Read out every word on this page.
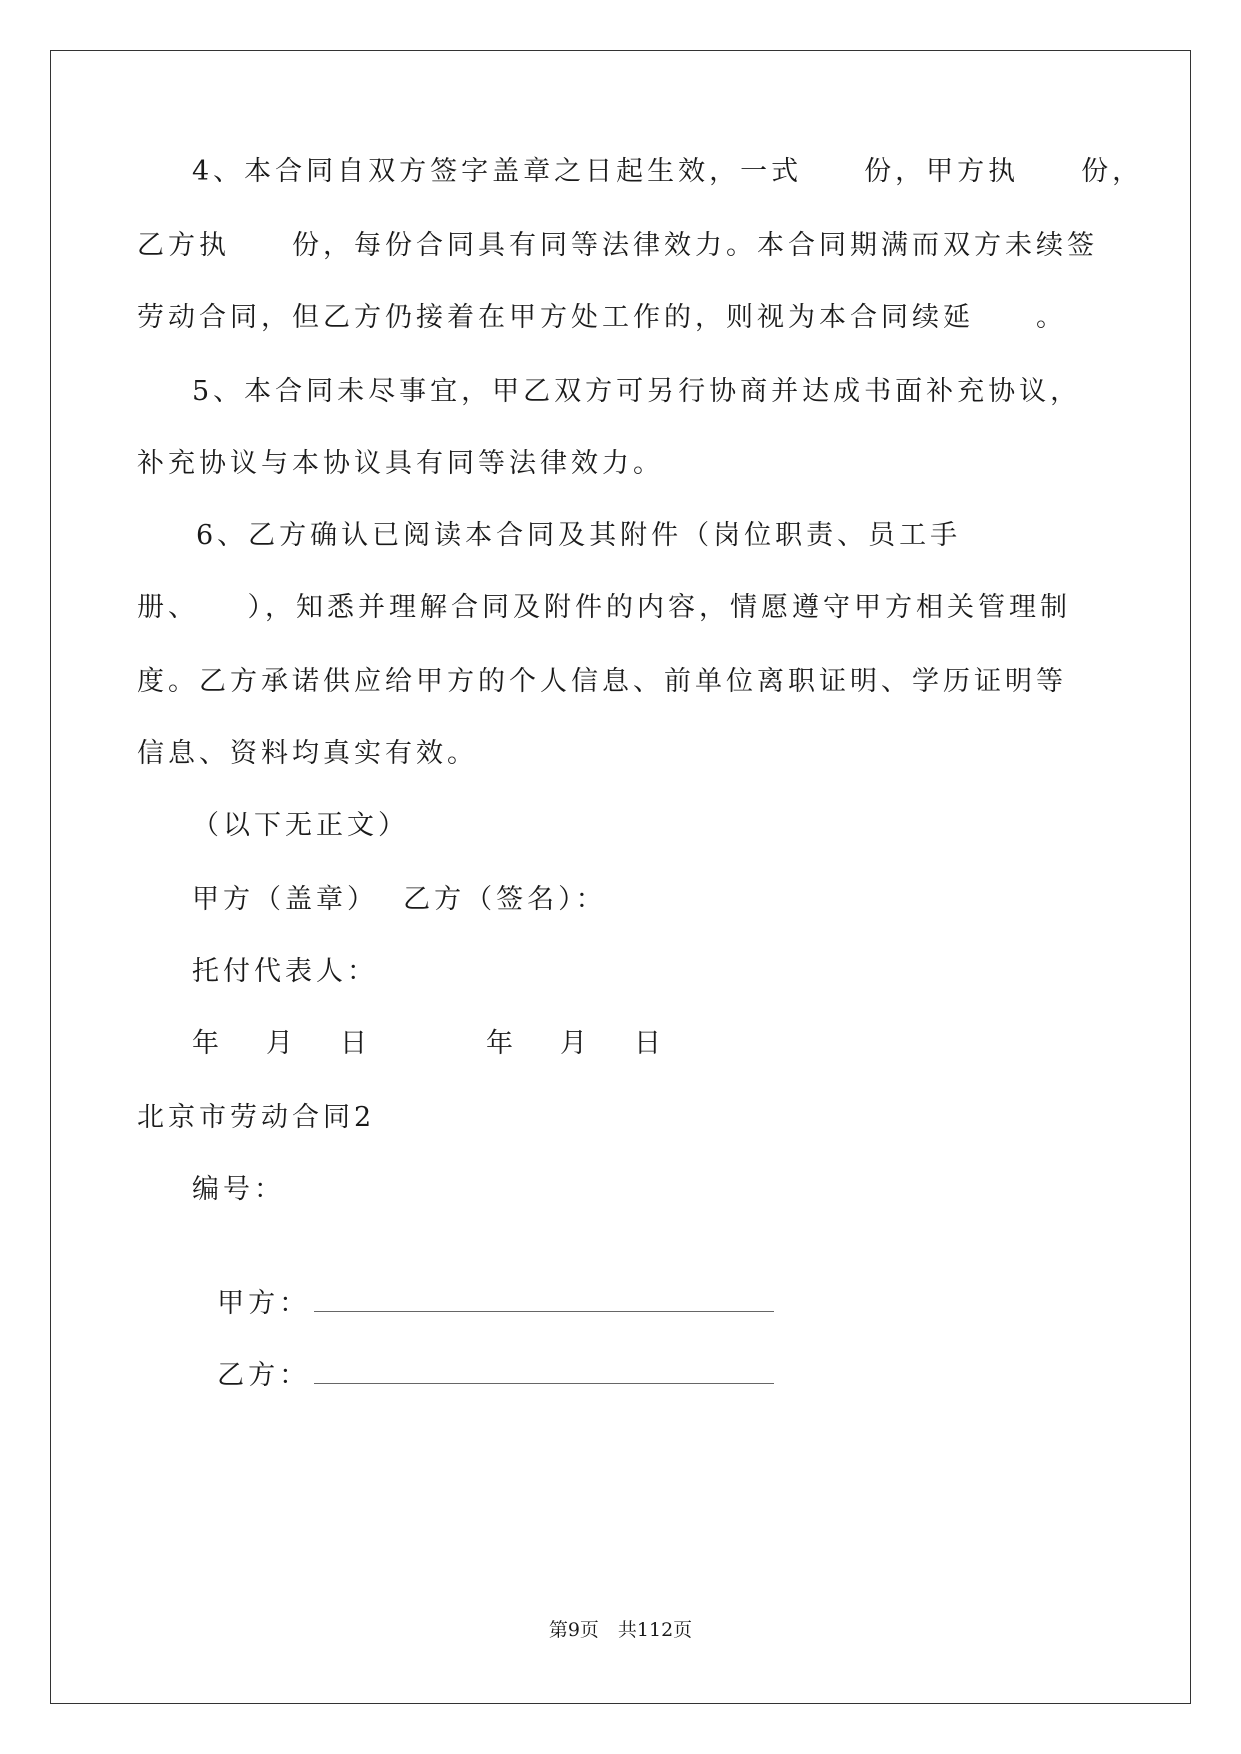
4、本合同自双方签字盖章之日起生效，一式　　份，甲方执　　份，
乙方执　　份，每份合同具有同等法律效力。本合同期满而双方未续签
劳动合同，但乙方仍接着在甲方处工作的，则视为本合同续延　　。
5、本合同未尽事宜，甲乙双方可另行协商并达成书面补充协议，
补充协议与本协议具有同等法律效力。
6、乙方确认已阅读本合同及其附件（岗位职责、员工手
册、　　），知悉并理解合同及附件的内容，情愿遵守甲方相关管理制
度。乙方承诺供应给甲方的个人信息、前单位离职证明、学历证明等
信息、资料均真实有效。
（以下无正文）
甲方（盖章）  乙方（签名）：
托付代表人：
年　月　日	年　月　日
北京市劳动合同2
编号：

甲方：

乙方：

第9页　共112页
